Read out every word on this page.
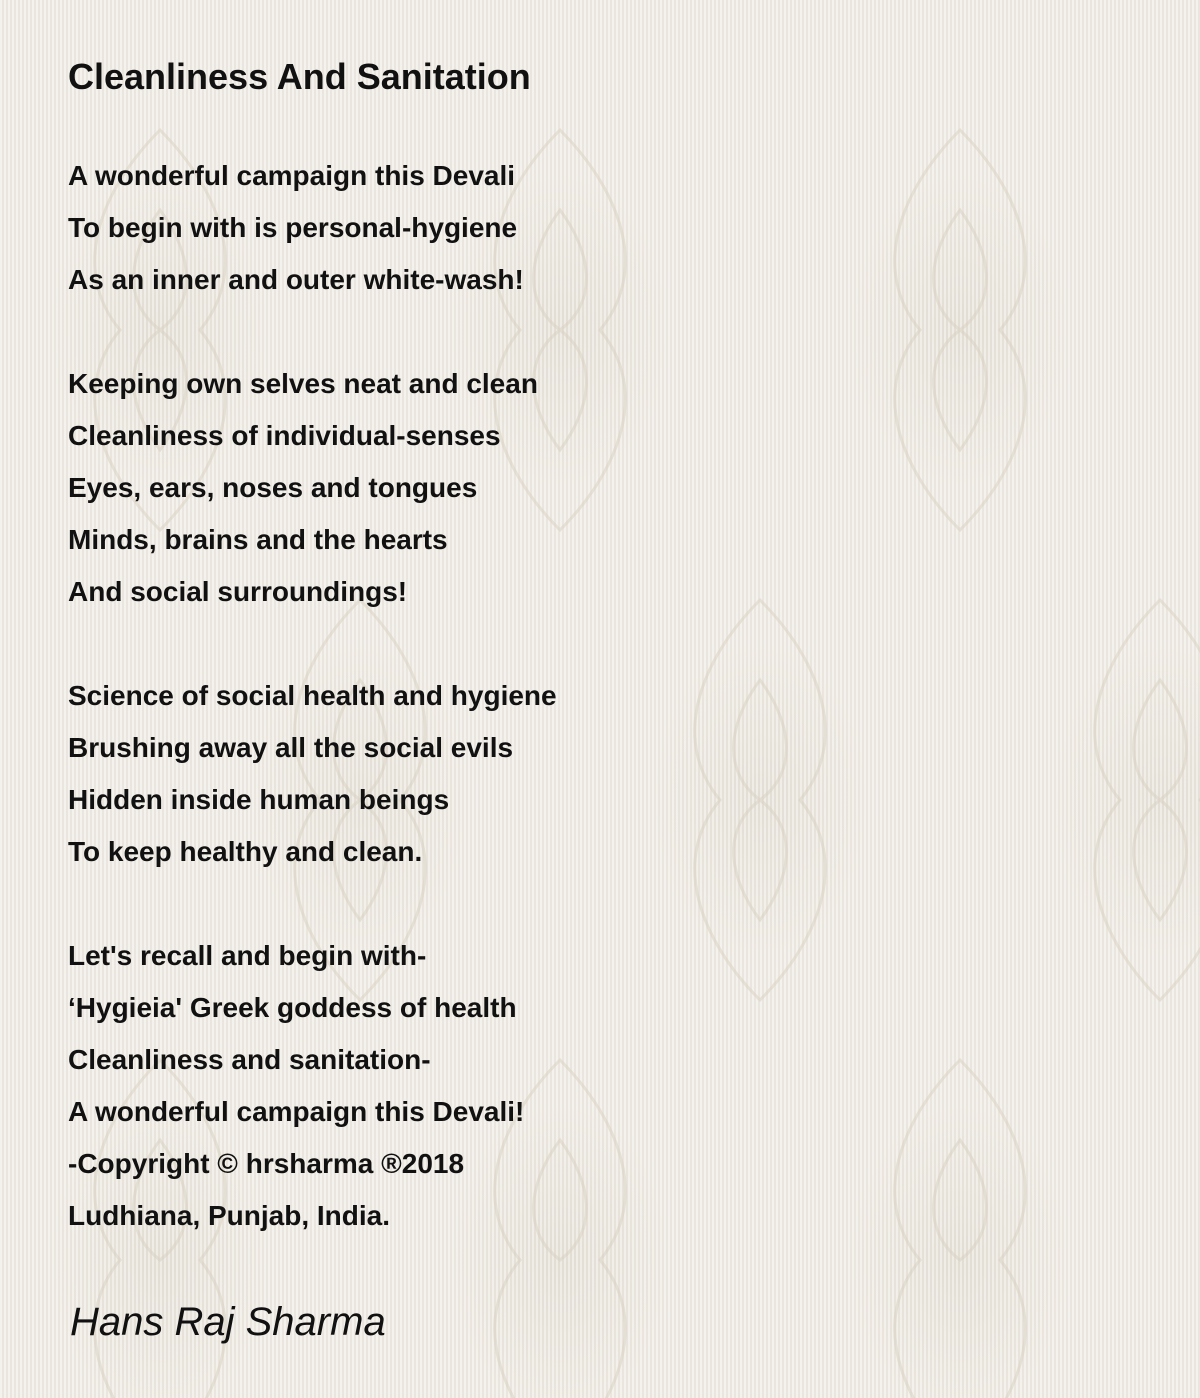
Cleanliness And Sanitation
A wonderful campaign this Devali
To begin with is personal-hygiene
As an inner and outer white-wash!
Keeping own selves neat and clean
Cleanliness of individual-senses
Eyes, ears, noses and tongues
Minds, brains and the hearts
And social surroundings!
Science of social health and hygiene
Brushing away all the social evils
Hidden inside human beings
To keep healthy and clean.
Let's recall and begin with-
‘Hygieia' Greek goddess of health
Cleanliness and sanitation-
A wonderful campaign this Devali!
-Copyright © hrsharma ®2018
Ludhiana, Punjab, India.
Hans Raj Sharma
